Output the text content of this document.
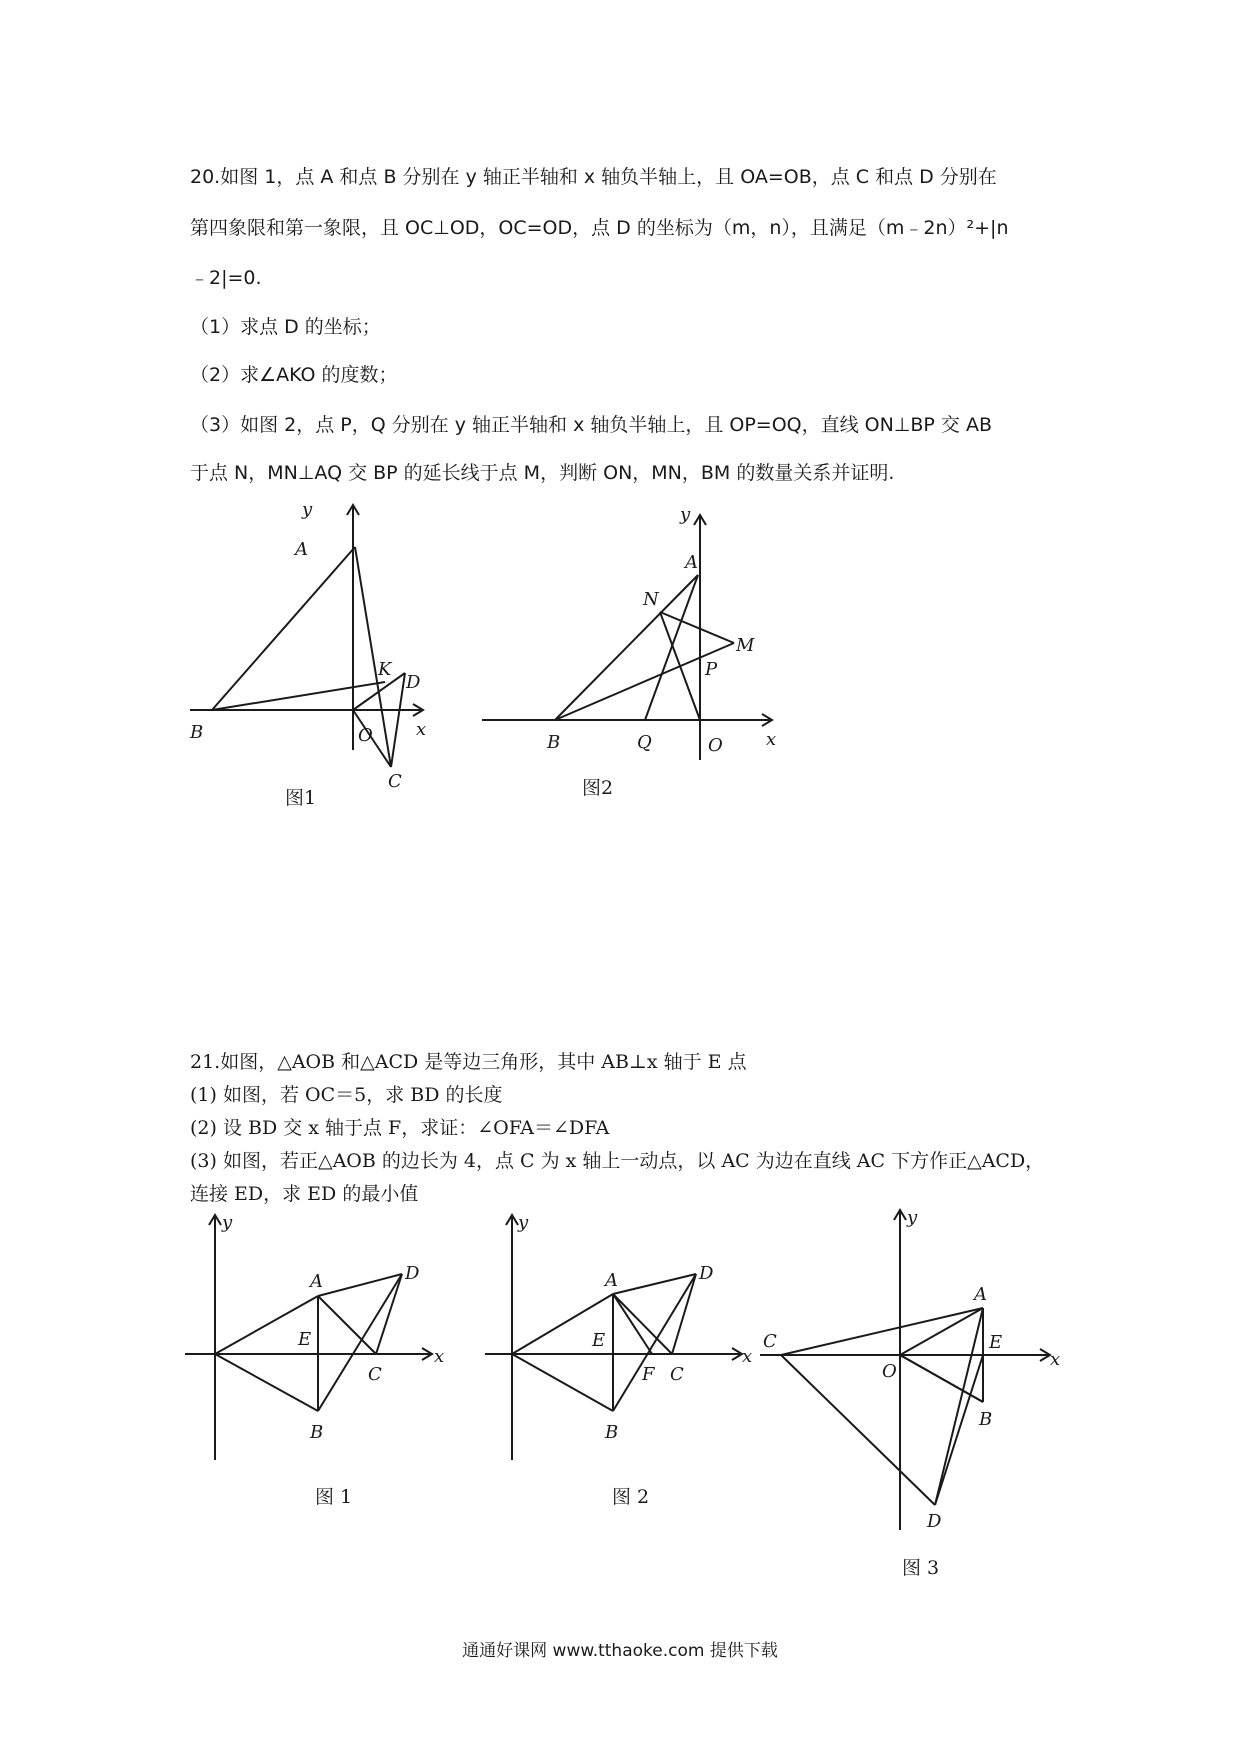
20.如图 1，点 A 和点 B 分别在 y 轴正半轴和 x 轴负半轴上，且 OA=OB，点 C 和点 D 分别在
第四象限和第一象限，且 OC⊥OD，OC=OD，点 D 的坐标为（m，n），且满足（m﹣2n）²+|n
﹣2|=0.
（1）求点 D 的坐标；
（2）求∠AKO 的度数；
（3）如图 2，点 P，Q 分别在 y 轴正半轴和 x 轴负半轴上，且 OP=OQ，直线 ON⊥BP 交 AB
于点 N，MN⊥AQ 交 BP 的延长线于点 M，判断 ON，MN，BM 的数量关系并证明.
y
x
A
B
K
D
O
C
图1
y
x
A
N
M
P
B	Q	O
图2
21.如图，△AOB 和△ACD 是等边三角形，其中 AB⊥x 轴于 E 点
(1) 如图，若 OC＝5，求 BD 的长度
(2) 设 BD 交 x 轴于点 F，求证：∠OFA＝∠DFA
(3) 如图，若正△AOB 的边长为 4，点 C 为 x 轴上一动点，以 AC 为边在直线 AC 下方作正△ACD，
连接 ED，求 ED 的最小值
y
x
A	D
E
C
B
图 1
y
x
A	D
E
F C
B
图 2
y
x
A
C
O
E
B
D
图 3
通通好课网 www.tthaoke.com 提供下载
